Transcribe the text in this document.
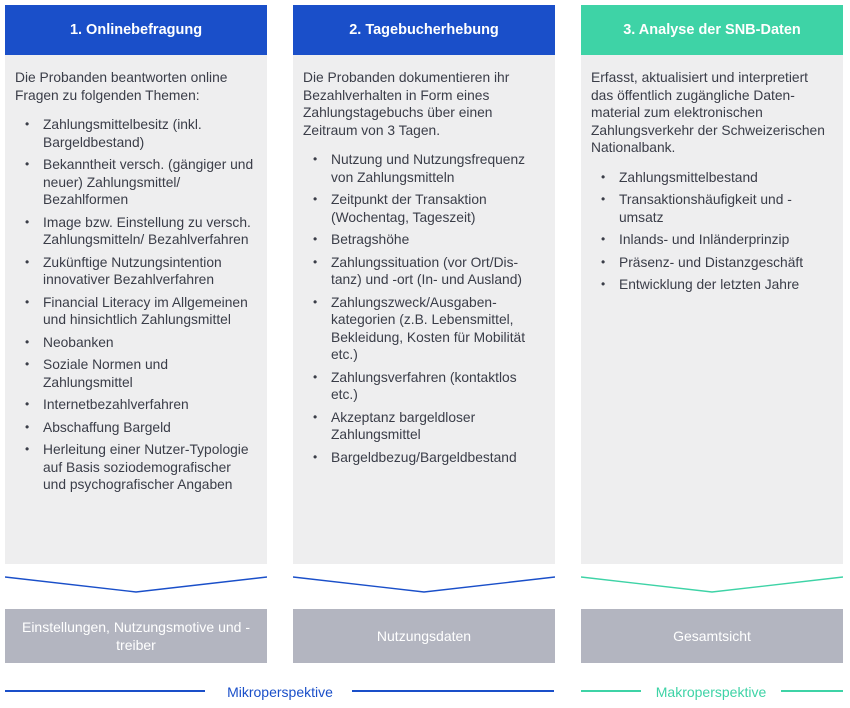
1. Onlinebefragung

Die Probanden beantworten online Fragen zu folgenden Themen:

• Zahlungsmittelbesitz (inkl. Bargeldbestand)
• Bekanntheit versch. (gängiger und neuer) Zahlungsmittel/ Bezahlformen
• Image bzw. Einstellung zu versch. Zahlungsmitteln/ Bezahlverfahren
• Zukünftige Nutzungsintention innovativer Bezahlverfahren
• Financial Literacy im Allgemeinen und hinsichtlich Zahlungsmittel
• Neobanken
• Soziale Normen und Zahlungsmittel
• Internetbezahlverfahren
• Abschaffung Bargeld
• Herleitung einer Nutzer-Typologie auf Basis soziodemografischer und psychografischer Angaben
Einstellungen, Nutzungsmotive und -treiber
2. Tagebucherhebung

Die Probanden dokumentieren ihr Bezahlverhalten in Form eines Zahlungstagebuchs über einen Zeitraum von 3 Tagen.

• Nutzung und Nutzungsfrequenz von Zahlungsmitteln
• Zeitpunkt der Transaktion (Wochentag, Tageszeit)
• Betragshöhe
• Zahlungssituation (vor Ort/Distanz) und -ort (In- und Ausland)
• Zahlungszweck/Ausgabenkategorien (z.B. Lebensmittel, Bekleidung, Kosten für Mobilität etc.)
• Zahlungsverfahren (kontaktlos etc.)
• Akzeptanz bargeldloser Zahlungsmittel
• Bargeldbezug/Bargeldbestand
Nutzungsdaten
3. Analyse der SNB-Daten

Erfasst, aktualisiert und interpretiert das öffentlich zugängliche Datenmaterial zum elektronischen Zahlungsverkehr der Schweizerischen Nationalbank.

• Zahlungsmittelbestand
• Transaktionshäufigkeit und -umsatz
• Inlands- und Inländerprinzip
• Präsenz- und Distanzgeschäft
• Entwicklung der letzten Jahre
Gesamtsicht
Mikroperspektive	Makroperspektive
